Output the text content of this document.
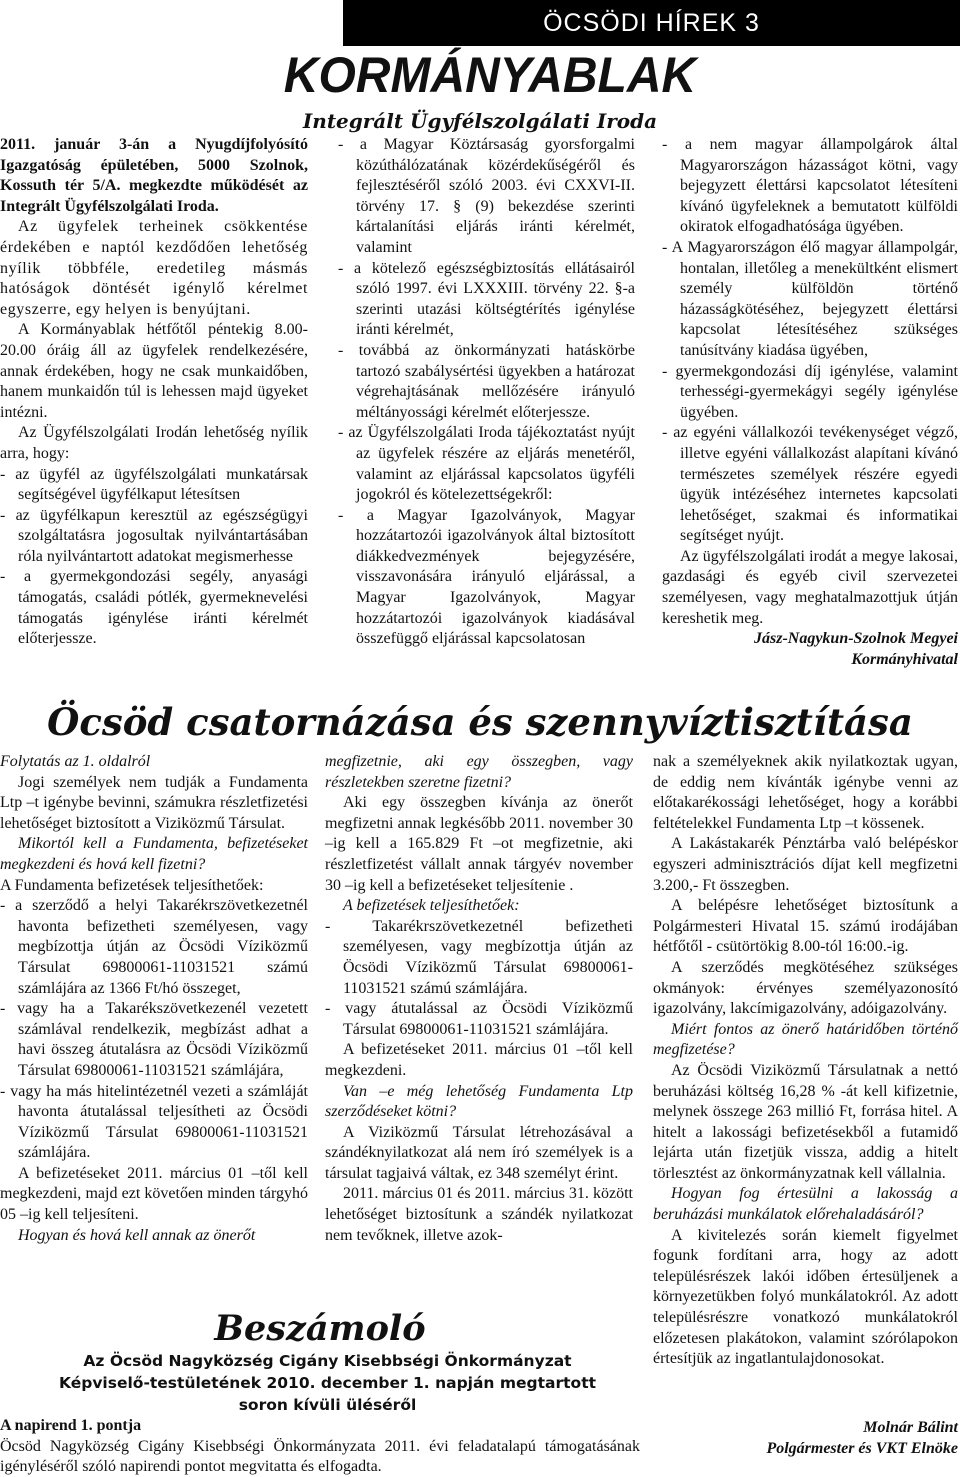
ÖCSÖDI HÍREK 3
KORMÁNYABLAK
Integrált Ügyfélszolgálati Iroda

2011. január 3-án a Nyugdíjfolyósító Igazgatóság épületében, 5000 Szolnok, Kossuth tér 5/A. megkezdte működését az Integrált Ügyfélszolgálati Iroda.

Az ügyfelek terheinek csökkentése érdekében e naptól kezdődően lehetőség nyílik többféle, eredetileg másmás hatóságok döntését igénylő kérelmet egyszerre, egy helyen is benyújtani.

A Kormányablak hétfőtől péntekig 8.00-20.00 óráig áll az ügyfelek rendelkezésére, annak érdekében, hogy ne csak munkaidőben, hanem munkaidőn túl is lehessen majd ügyeket intézni.

Az Ügyfélszolgálati Irodán lehetőség nyílik arra, hogy:

- az ügyfél az ügyfélszolgálati munkatársak segítségével ügyfélkaput létesítsen

- az ügyfélkapun keresztül az egészségügyi szolgáltatásra jogosultak nyilvántartásában róla nyilvántartott adatokat megismerhesse

- a gyermekgondozási segély, anyasági támogatás, családi pótlék, gyermeknevelési támogatás igénylése iránti kérelmét előterjessze.

- a Magyar Köztársaság gyorsforgalmi közúthálózatának közérdekűségéről és fejlesztéséről szóló 2003. évi CXXVI-II. törvény 17. § (9) bekezdése szerinti kártalanítási eljárás iránti kérelmét, valamint

- a kötelező egészségbiztosítás ellátásairól szóló 1997. évi LXXXIII. törvény 22. §-a szerinti utazási költségtérítés igénylése iránti kérelmét,

- továbbá az önkormányzati hatáskörbe tartozó szabálysértési ügyekben a határozat végrehajtásának mellőzésére irányuló méltányossági kérelmét előterjessze.

- az Ügyfélszolgálati Iroda tájékoztatást nyújt az ügyfelek részére az eljárás menetéről, valamint az eljárással kapcsolatos ügyféli jogokról és kötelezettségekről:

- a Magyar Igazolványok, Magyar hozzátartozói igazolványok által biztosított diákkedvezmények bejegyzésére, visszavonására irányuló eljárással, a Magyar Igazolványok, Magyar hozzátartozói igazolványok kiadásával összefüggő eljárással kapcsolatosan

- a nem magyar állampolgárok által Magyarországon házasságot kötni, vagy bejegyzett élettársi kapcsolatot létesíteni kívánó ügyfeleknek a bemutatott külföldi okiratok elfogadhatósága ügyében.

- A Magyarországon élő magyar állampolgár, hontalan, illetőleg a menekültként elismert személy külföldön történő házasságkötéséhez, bejegyzett élettársi kapcsolat létesítéséhez szükséges tanúsítvány kiadása ügyében,

- gyermekgondozási díj igénylése, valamint terhességi-gyermekágyi segély igénylése ügyében.

- az egyéni vállalkozói tevékenységet végző, illetve egyéni vállalkozást alapítani kívánó természetes személyek részére egyedi ügyük intézéséhez internetes kapcsolati lehetőséget, szakmai és informatikai segítséget nyújt.

Az ügyfélszolgálati irodát a megye lakosai, gazdasági és egyéb civil szervezetei személyesen, vagy meghatalmazottjuk útján kereshetik meg.

Jász-Nagykun-Szolnok Megyei

Kormányhivatal

Öcsöd csatornázása és szennyvíztisztítása

Folytatás az 1. oldalról

Jogi személyek nem tudják a Fundamenta Ltp –t igénybe bevinni, számukra részletfizetési lehetőséget biztosított a Viziközmű Társulat.

Mikortól kell a Fundamenta, befizetéseket megkezdeni és hová kell fizetni?

A Fundamenta befizetések teljesíthetőek:

- a szerződő a helyi Takarékrszövetkezetnél havonta befizetheti személyesen, vagy megbízottja útján az Öcsödi Víziközmű Társulat 69800061-11031521 számú számlájára az 1366 Ft/hó összeget,

- vagy ha a Takarékszövetkezenél vezetett számlával rendelkezik, megbízást adhat a havi összeg átutalásra az Öcsödi Víziközmű Társulat 69800061-11031521 számlájára,

- vagy ha más hitelintézetnél vezeti a számláját havonta átutalással teljesítheti az Öcsödi Víziközmű Társulat 69800061-11031521 számlájára.

A befizetéseket 2011. március 01 –től kell megkezdeni, majd ezt követően minden tárgyhó 05 –ig kell teljesíteni.

Hogyan és hová kell annak az önerőt

megfizetnie, aki egy összegben, vagy részletekben szeretne fizetni?

Aki egy összegben kívánja az önerőt megfizetni annak legkésőbb 2011. november 30 –ig kell a 165.829 Ft –ot megfizetnie, aki részletfizetést vállalt annak tárgyév november 30 –ig kell a befizetéseket teljesítenie .

A befizetések teljesíthetőek:

- Takarékrszövetkezetnél befizetheti személyesen, vagy megbízottja útján az Öcsödi Víziközmű Társulat 69800061-11031521 számú számlájára.

- vagy átutalással az Öcsödi Víziközmű Társulat 69800061-11031521 számlájára.

A befizetéseket 2011. március 01 –től kell megkezdeni.

Van –e még lehetőség Fundamenta Ltp szerződéseket kötni?

A Viziközmű Társulat létrehozásával a szándéknyilatkozat alá nem író személyek is a társulat tagjaivá váltak, ez 348 személyt érint.

2011. március 01 és 2011. március 31. között lehetőséget biztosítunk a szándék nyilatkozat nem tevőknek, illetve azok-

nak a személyeknek akik nyilatkoztak ugyan, de eddig nem kívánták igénybe venni az előtakarékossági lehetőséget, hogy a korábbi feltételekkel Fundamenta Ltp –t kössenek.

A Lakástakarék Pénztárba való belépéskor egyszeri adminisztrációs díjat kell megfizetni 3.200,- Ft összegben.

A belépésre lehetőséget biztosítunk a Polgármesteri Hivatal 15. számú irodájában hétfőtől - csütörtökig 8.00-tól 16:00.-ig.

A szerződés megkötéséhez szükséges okmányok: érvényes személyazonosító igazolvány, lakcímigazolvány, adóigazolvány.

Miért fontos az önerő határidőben történő megfizetése?

Az Öcsödi Viziközmű Társulatnak a nettó beruházási költség 16,28 % -át kell kifizetnie, melynek összege 263 millió Ft, forrása hitel. A hitelt a lakossági befizetésekből a futamidő lejárta után fizetjük vissza, addig a hitelt törlesztést az önkormányzatnak kell vállalnia.

Hogyan fog értesülni a lakosság a beruházási munkálatok előrehaladásáról?

A kivitelezés során kiemelt figyelmet fogunk fordítani arra, hogy az adott településrészek lakói időben értesüljenek a környezetükben folyó munkálatokról. Az adott településrészre vonatkozó munkálatokról előzetesen plakátokon, valamint szórólapokon értesítjük az ingatlantulajdonosokat.

Molnár Bálint

Polgármester és VKT Elnöke

Beszámoló
Az Öcsöd Nagyközség Cigány Kisebbségi Önkormányzat
Képviselő-testületének 2010. december 1. napján megtartott
soron kívüli üléséről

A napirend 1. pontja

Öcsöd Nagyközség Cigány Kisebbségi Önkormányzata 2011. évi feladatalapú támogatásának igényléséről szóló napirendi pontot megvitatta és elfogadta.
